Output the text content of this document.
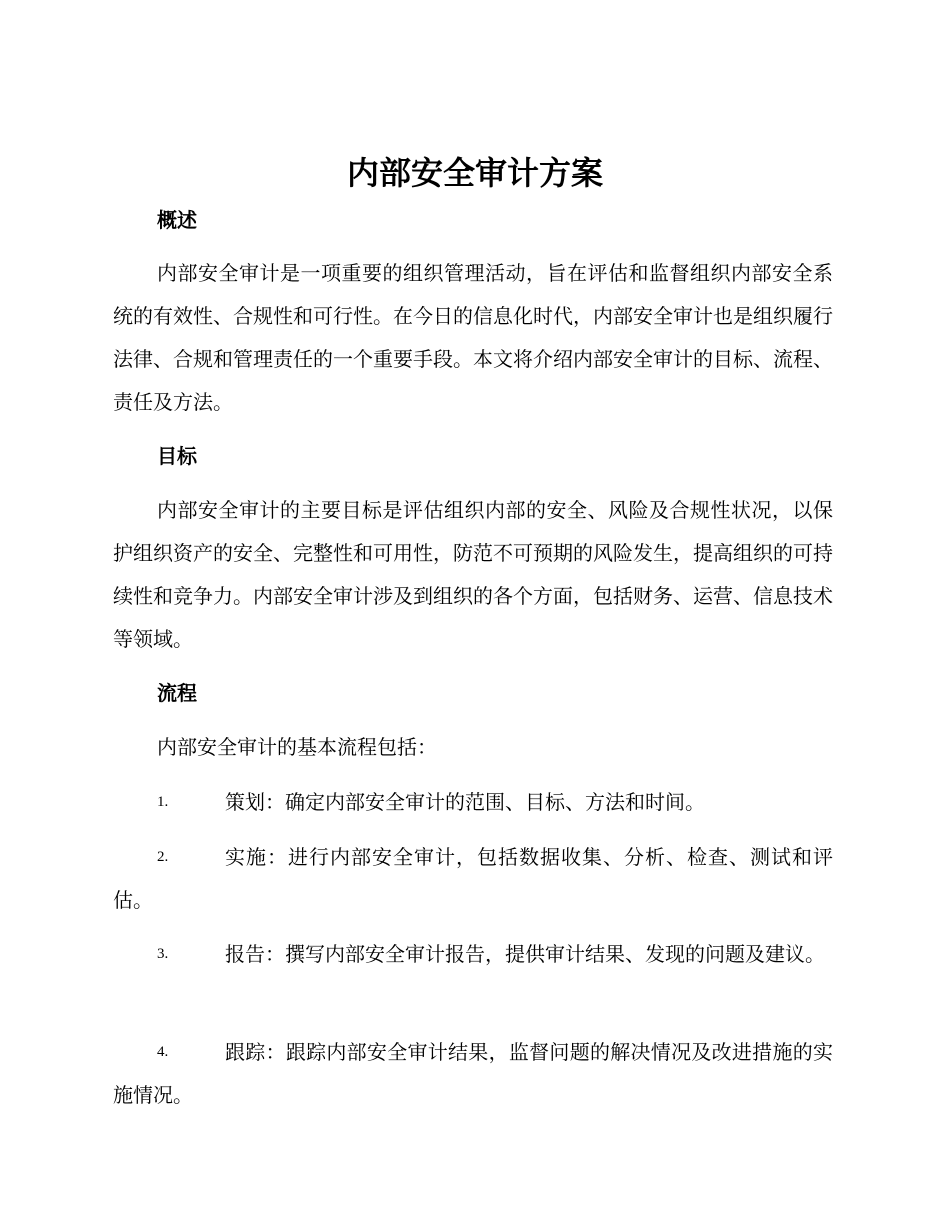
内部安全审计方案
概述

内部安全审计是一项重要的组织管理活动，旨在评估和监督组织内部安全系统的有效性、合规性和可行性。在今日的信息化时代，内部安全审计也是组织履行法律、合规和管理责任的一个重要手段。本文将介绍内部安全审计的目标、流程、责任及方法。

目标

内部安全审计的主要目标是评估组织内部的安全、风险及合规性状况，以保护组织资产的安全、完整性和可用性，防范不可预期的风险发生，提高组织的可持续性和竞争力。内部安全审计涉及到组织的各个方面，包括财务、运营、信息技术等领域。

流程

内部安全审计的基本流程包括：

1.	策划：确定内部安全审计的范围、目标、方法和时间。
2.	实施：进行内部安全审计，包括数据收集、分析、检查、测试和评估。
3.	报告：撰写内部安全审计报告，提供审计结果、发现的问题及建议。
4.	跟踪：跟踪内部安全审计结果，监督问题的解决情况及改进措施的实施情况。
